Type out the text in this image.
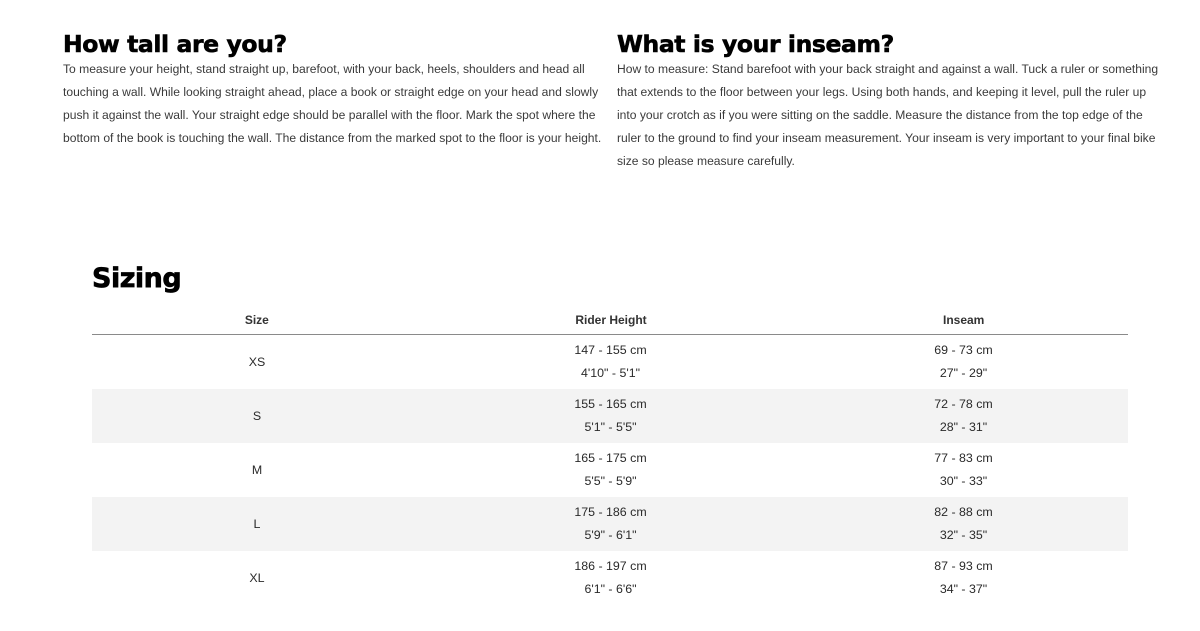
How tall are you?

To measure your height, stand straight up, barefoot, with your back, heels, shoulders and head all touching a wall. While looking straight ahead, place a book or straight edge on your head and slowly push it against the wall. Your straight edge should be parallel with the floor. Mark the spot where the bottom of the book is touching the wall. The distance from the marked spot to the floor is your height.

What is your inseam?

How to measure: Stand barefoot with your back straight and against a wall. Tuck a ruler or something that extends to the floor between your legs. Using both hands, and keeping it level, pull the ruler up into your crotch as if you were sitting on the saddle. Measure the distance from the top edge of the ruler to the ground to find your inseam measurement. Your inseam is very important to your final bike size so please measure carefully.

Sizing
Size	Rider Height	Inseam
XS
147 - 155 cm
4'10" - 5'1"
69 - 73 cm
27" - 29"
S
155 - 165 cm
5'1" - 5'5"
72 - 78 cm
28" - 31"
M
165 - 175 cm
5'5" - 5'9"
77 - 83 cm
30" - 33"
L
175 - 186 cm
5'9" - 6'1"
82 - 88 cm
32" - 35"
XL
186 - 197 cm
6'1" - 6'6"
87 - 93 cm
34" - 37"
